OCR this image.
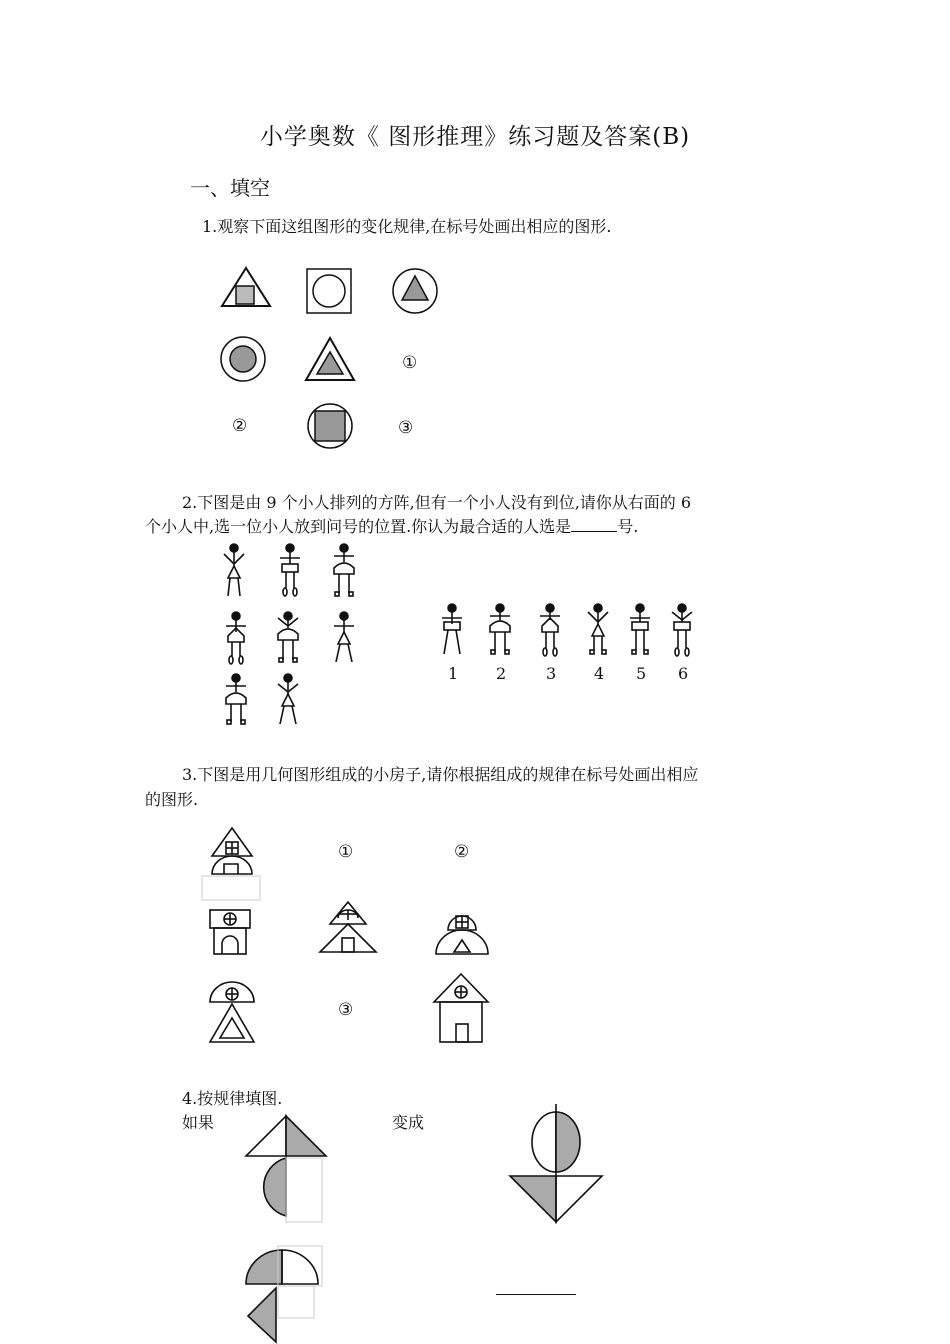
小学奥数《 图形推理》练习题及答案(B)
一、填空
1.观察下面这组图形的变化规律,在标号处画出相应的图形.
①
②	③
2.下图是由 9 个小人排列的方阵,但有一个小人没有到位,请你从右面的 6
个小人中,选一位小人放到问号的位置.你认为最合适的人选是	号.
1 2 3 4 5 6
3.下图是用几何图形组成的小房子,请你根据组成的规律在标号处画出相应
的图形.
①	②
③
4.按规律填图.
如果	变成
